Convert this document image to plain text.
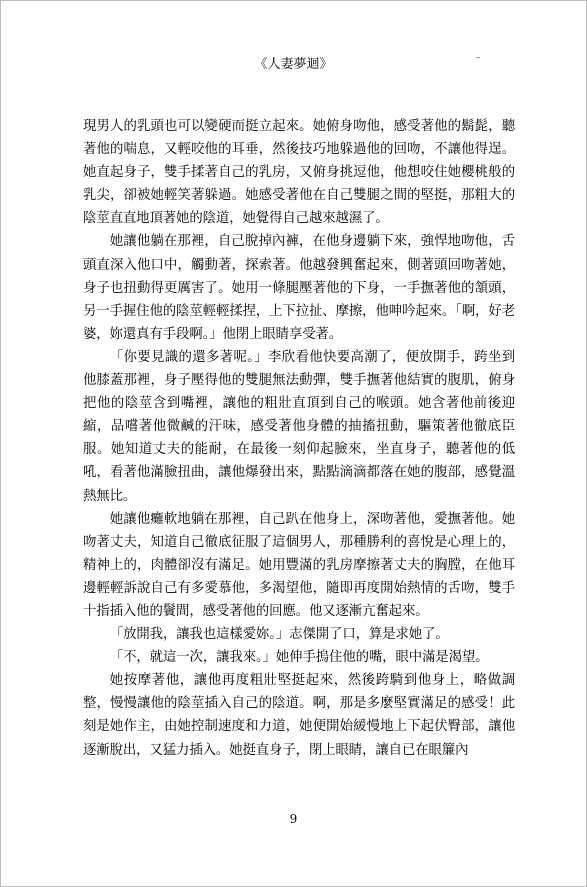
《人妻夢迴》

現男人的乳頭也可以變硬而挺立起來。她俯身吻他，感受著他的鬍髭，聽著他的喘息，又輕咬他的耳垂，然後技巧地躲過他的回吻，不讓他得逞。她直起身子，雙手揉著自己的乳房，又俯身挑逗他，他想咬住她櫻桃般的乳尖，卻被她輕笑著躲過。她感受著他在自己雙腿之間的堅挺，那粗大的陰莖直直地頂著她的陰道，她覺得自己越來越濕了。

她讓他躺在那裡，自己脫掉內褲，在他身邊躺下來，強悍地吻他，舌頭直深入他口中，觸動著，探索著。他越發興奮起來，側著頭回吻著她，身子也扭動得更厲害了。她用一條腿壓著他的下身，一手撫著他的頷頭，另一手握住他的陰莖輕輕揉捏，上下拉扯、摩擦，他呻吟起來。「啊，好老婆，妳還真有手段啊。」他閉上眼睛享受著。

「你要見識的還多著呢。」李欣看他快要高潮了，便放開手，跨坐到他膝蓋那裡，身子壓得他的雙腿無法動彈，雙手撫著他結實的腹肌，俯身把他的陰莖含到嘴裡，讓他的粗壯直頂到自己的喉頭。她含著他前後迎縮，品嚐著他微鹹的汗味，感受著他身體的抽搐扭動，驅策著他徹底臣服。她知道丈夫的能耐，在最後一刻仰起臉來，坐直身子，聽著他的低吼，看著他滿臉扭曲，讓他爆發出來，點點滴滴都落在她的腹部，感覺溫熱無比。

她讓他癱軟地躺在那裡，自己趴在他身上，深吻著他，愛撫著他。她吻著丈夫，知道自己徹底征服了這個男人，那種勝利的喜悅是心理上的，精神上的，肉體卻沒有滿足。她用豐滿的乳房摩擦著丈夫的胸膛，在他耳邊輕輕訴說自己有多愛慕他，多渴望他，隨即再度開始熱情的舌吻，雙手十指插入他的鬢間，感受著他的回應。他又逐漸亢奮起來。

「放開我，讓我也這樣愛妳。」志傑開了口，算是求她了。

「不，就這一次，讓我來。」她伸手摀住他的嘴，眼中滿是渴望。

她按摩著他，讓他再度粗壯堅挺起來，然後跨騎到他身上，略做調整，慢慢讓他的陰莖插入自己的陰道。啊，那是多麼堅實滿足的感受！此刻是她作主，由她控制速度和力道，她便開始緩慢地上下起伏臀部，讓他逐漸脫出，又猛力插入。她挺直身子，閉上眼睛，讓自已在眼簾內

9
